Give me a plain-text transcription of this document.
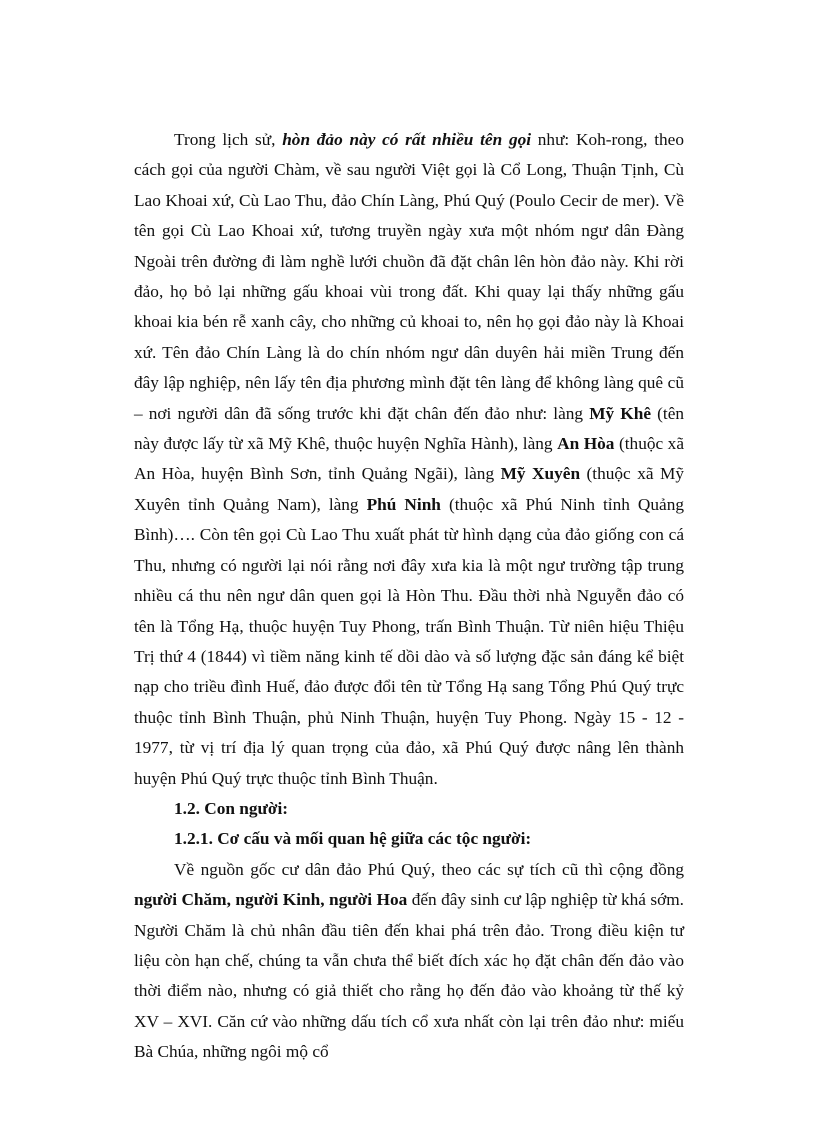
Trong lịch sử, hòn đảo này có rất nhiều tên gọi như: Koh-rong, theo cách gọi của người Chàm, về sau người Việt gọi là Cổ Long, Thuận Tịnh, Cù Lao Khoai xứ, Cù Lao Thu, đảo Chín Làng, Phú Quý (Poulo Cecir de mer). Về tên gọi Cù Lao Khoai xứ, tương truyền ngày xưa một nhóm ngư dân Đàng Ngoài trên đường đi làm nghề lưới chuồn đã đặt chân lên hòn đảo này. Khi rời đảo, họ bỏ lại những gấu khoai vùi trong đất. Khi quay lại thấy những gấu khoai kia bén rễ xanh cây, cho những củ khoai to, nên họ gọi đảo này là Khoai xứ. Tên đảo Chín Làng là do chín nhóm ngư dân duyên hải miền Trung đến đây lập nghiệp, nên lấy tên địa phương mình đặt tên làng để không làng quê cũ – nơi người dân đã sống trước khi đặt chân đến đảo như: làng Mỹ Khê (tên này được lấy từ xã Mỹ Khê, thuộc huyện Nghĩa Hành), làng An Hòa (thuộc xã An Hòa, huyện Bình Sơn, tỉnh Quảng Ngãi), làng Mỹ Xuyên (thuộc xã Mỹ Xuyên tỉnh Quảng Nam), làng Phú Ninh (thuộc xã Phú Ninh tỉnh Quảng Bình)…. Còn tên gọi Cù Lao Thu xuất phát từ hình dạng của đảo giống con cá Thu, nhưng có người lại nói rằng nơi đây xưa kia là một ngư trường tập trung nhiều cá thu nên ngư dân quen gọi là Hòn Thu. Đầu thời nhà Nguyễn đảo có tên là Tổng Hạ, thuộc huyện Tuy Phong, trấn Bình Thuận. Từ niên hiệu Thiệu Trị thứ 4 (1844) vì tiềm năng kinh tế dồi dào và số lượng đặc sản đáng kể biệt nạp cho triều đình Huế, đảo được đổi tên từ Tổng Hạ sang Tổng Phú Quý trực thuộc tỉnh Bình Thuận, phủ Ninh Thuận, huyện Tuy Phong. Ngày 15 - 12 - 1977, từ vị trí địa lý quan trọng của đảo, xã Phú Quý được nâng lên thành huyện Phú Quý trực thuộc tỉnh Bình Thuận.

1.2. Con người:

1.2.1. Cơ cấu và mối quan hệ giữa các tộc người:

Về nguồn gốc cư dân đảo Phú Quý, theo các sự tích cũ thì cộng đồng người Chăm, người Kinh, người Hoa đến đây sinh cư lập nghiệp từ khá sớm. Người Chăm là chủ nhân đầu tiên đến khai phá trên đảo. Trong điều kiện tư liệu còn hạn chế, chúng ta vẫn chưa thể biết đích xác họ đặt chân đến đảo vào thời điểm nào, nhưng có giả thiết cho rằng họ đến đảo vào khoảng từ thế kỷ XV – XVI. Căn cứ vào những dấu tích cổ xưa nhất còn lại trên đảo như: miếu Bà Chúa, những ngôi mộ cổ
